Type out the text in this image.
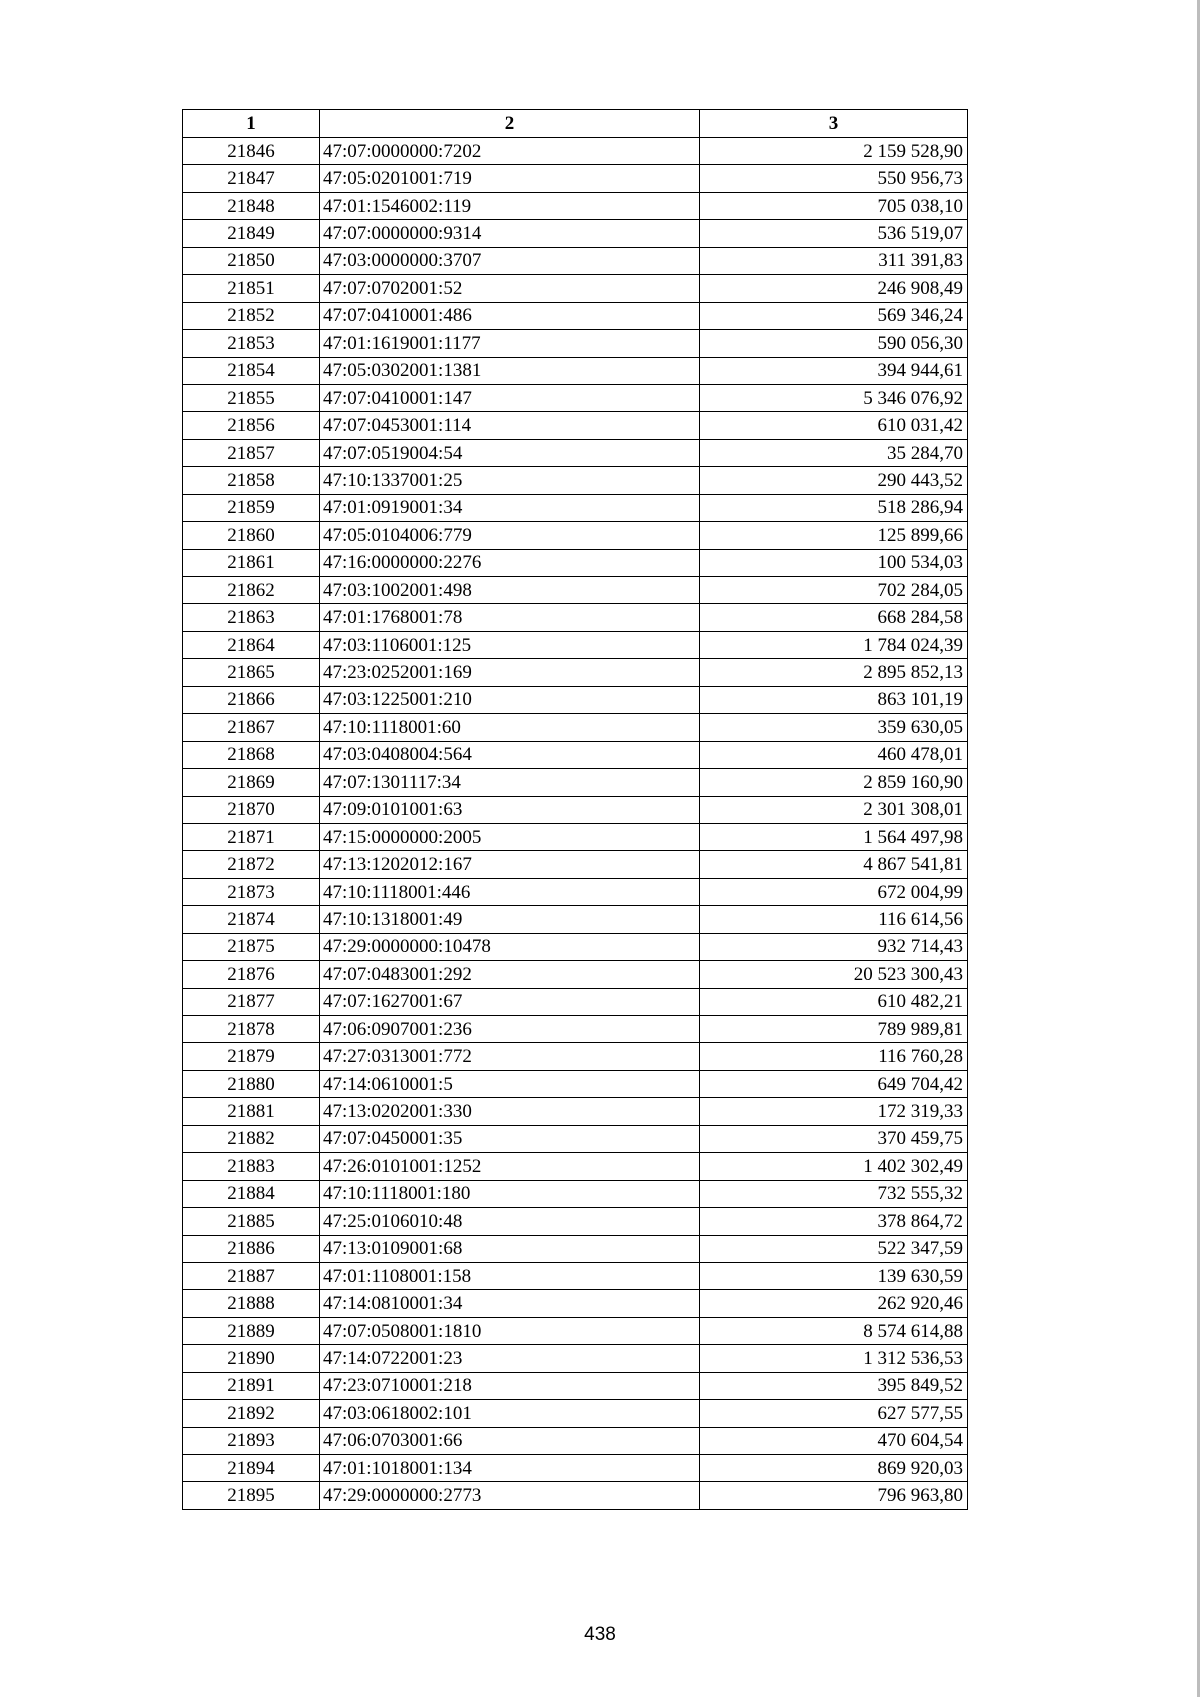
1	2	3
21846	47:07:0000000:7202	2 159 528,90
21847	47:05:0201001:719	550 956,73
21848	47:01:1546002:119	705 038,10
21849	47:07:0000000:9314	536 519,07
21850	47:03:0000000:3707	311 391,83
21851	47:07:0702001:52	246 908,49
21852	47:07:0410001:486	569 346,24
21853	47:01:1619001:1177	590 056,30
21854	47:05:0302001:1381	394 944,61
21855	47:07:0410001:147	5 346 076,92
21856	47:07:0453001:114	610 031,42
21857	47:07:0519004:54	35 284,70
21858	47:10:1337001:25	290 443,52
21859	47:01:0919001:34	518 286,94
21860	47:05:0104006:779	125 899,66
21861	47:16:0000000:2276	100 534,03
21862	47:03:1002001:498	702 284,05
21863	47:01:1768001:78	668 284,58
21864	47:03:1106001:125	1 784 024,39
21865	47:23:0252001:169	2 895 852,13
21866	47:03:1225001:210	863 101,19
21867	47:10:1118001:60	359 630,05
21868	47:03:0408004:564	460 478,01
21869	47:07:1301117:34	2 859 160,90
21870	47:09:0101001:63	2 301 308,01
21871	47:15:0000000:2005	1 564 497,98
21872	47:13:1202012:167	4 867 541,81
21873	47:10:1118001:446	672 004,99
21874	47:10:1318001:49	116 614,56
21875	47:29:0000000:10478	932 714,43
21876	47:07:0483001:292	20 523 300,43
21877	47:07:1627001:67	610 482,21
21878	47:06:0907001:236	789 989,81
21879	47:27:0313001:772	116 760,28
21880	47:14:0610001:5	649 704,42
21881	47:13:0202001:330	172 319,33
21882	47:07:0450001:35	370 459,75
21883	47:26:0101001:1252	1 402 302,49
21884	47:10:1118001:180	732 555,32
21885	47:25:0106010:48	378 864,72
21886	47:13:0109001:68	522 347,59
21887	47:01:1108001:158	139 630,59
21888	47:14:0810001:34	262 920,46
21889	47:07:0508001:1810	8 574 614,88
21890	47:14:0722001:23	1 312 536,53
21891	47:23:0710001:218	395 849,52
21892	47:03:0618002:101	627 577,55
21893	47:06:0703001:66	470 604,54
21894	47:01:1018001:134	869 920,03
21895	47:29:0000000:2773	796 963,80
438
